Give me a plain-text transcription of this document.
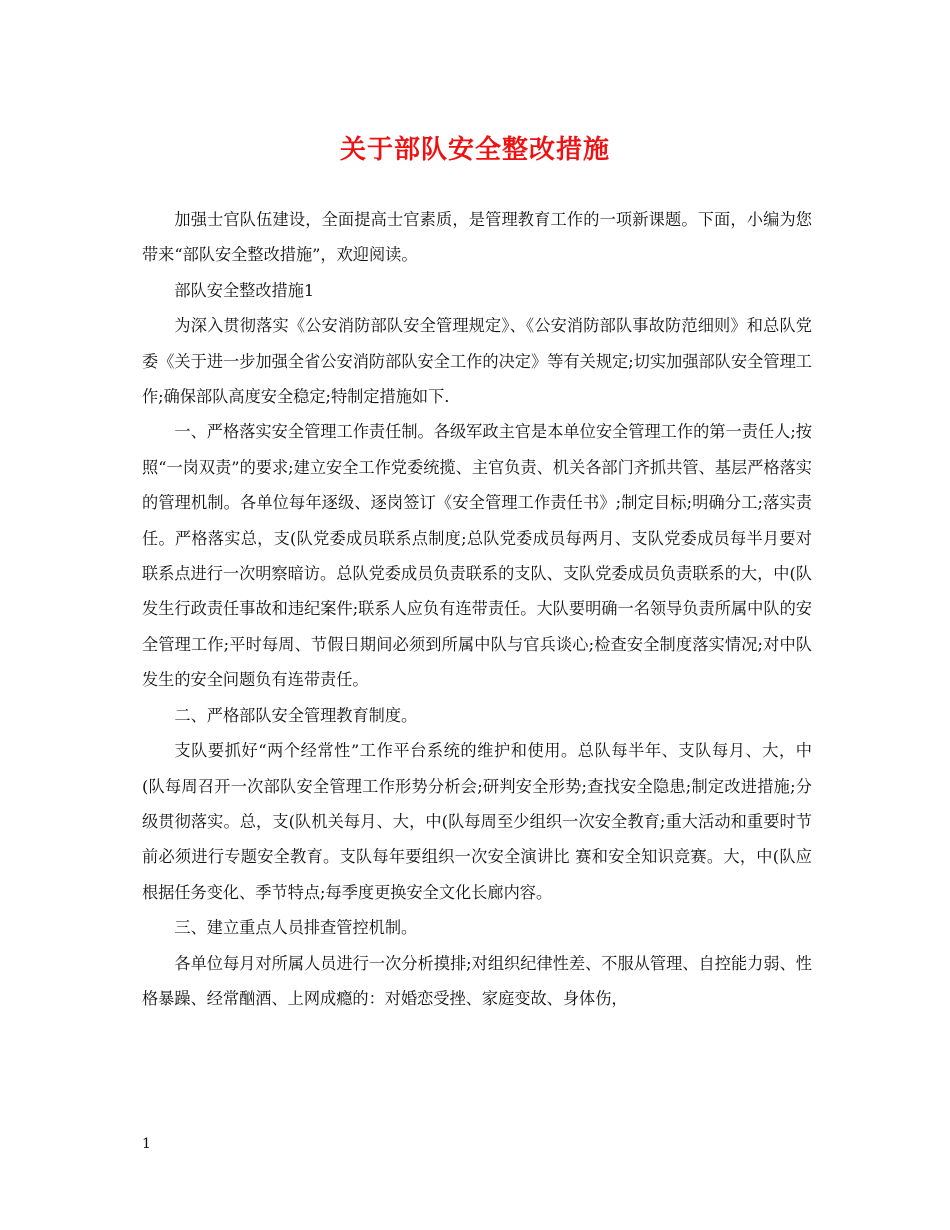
关于部队安全整改措施

加强士官队伍建设，全面提高士官素质，是管理教育工作的一项新课题。下面，小编为您带来“部队安全整改措施”，欢迎阅读。

部队安全整改措施1

为深入贯彻落实《公安消防部队安全管理规定》、《公安消防部队事故防范细则》和总队党委《关于进一步加强全省公安消防部队安全工作的决定》等有关规定;切实加强部队安全管理工作;确保部队高度安全稳定;特制定措施如下.

一、严格落实安全管理工作责任制。各级军政主官是本单位安全管理工作的第一责任人;按照“一岗双责”的要求;建立安全工作党委统揽、主官负责、机关各部门齐抓共管、基层严格落实的管理机制。各单位每年逐级、逐岗签订《安全管理工作责任书》;制定目标;明确分工;落实责任。严格落实总，支(队党委成员联系点制度;总队党委成员每两月、支队党委成员每半月要对联系点进行一次明察暗访。总队党委成员负责联系的支队、支队党委成员负责联系的大，中(队发生行政责任事故和违纪案件;联系人应负有连带责任。大队要明确一名领导负责所属中队的安全管理工作;平时每周、节假日期间必须到所属中队与官兵谈心;检查安全制度落实情况;对中队发生的安全问题负有连带责任。

二、严格部队安全管理教育制度。

支队要抓好“两个经常性”工作平台系统的维护和使用。总队每半年、支队每月、大，中(队每周召开一次部队安全管理工作形势分析会;研判安全形势;查找安全隐患;制定改进措施;分级贯彻落实。总，支(队机关每月、大，中(队每周至少组织一次安全教育;重大活动和重要时节前必须进行专题安全教育。支队每年要组织一次安全演讲比 赛和安全知识竞赛。大，中(队应根据任务变化、季节特点;每季度更换安全文化长廊内容。

三、建立重点人员排查管控机制。

各单位每月对所属人员进行一次分析摸排;对组织纪律性差、不服从管理、自控能力弱、性格暴躁、经常酗酒、上网成瘾的：对婚恋受挫、家庭变故、身体伤，

1
